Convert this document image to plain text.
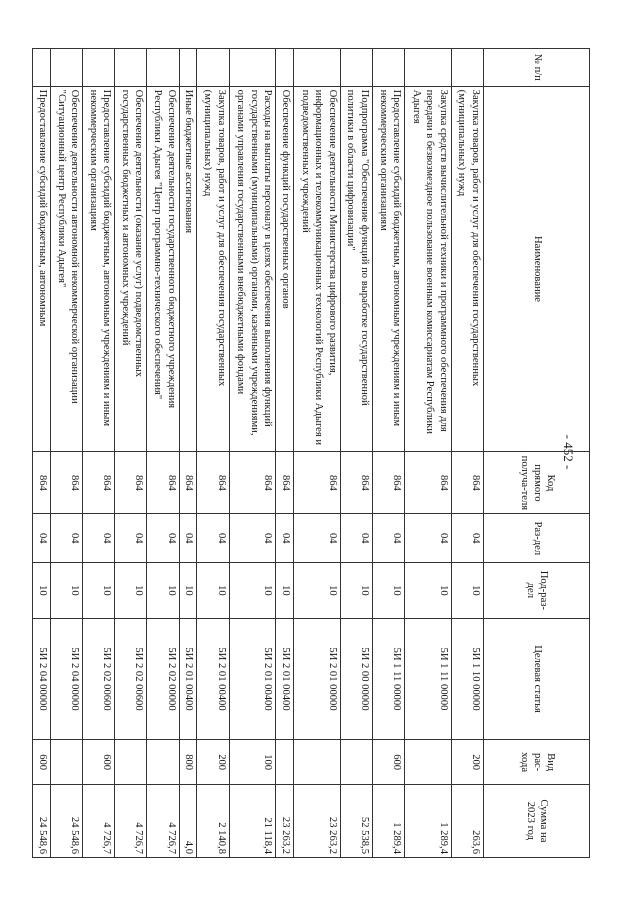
- 452 -
№ п/п	Наименование	Код прямого получа-теля	Раз-дел	Под-раз-дел	Целевая статья	Вид рас-хода	Сумма на 2023 год
	Закупка товаров, работ и услуг для обеспечения государственных (муниципальных) нужд	864	04	10	5И 1 10 00000	200	263,6
	Закупка средств вычислительной техники и программного обеспечения для передачи в безвозмездное пользование военным комиссариатам Республики Адыгея	864	04	10	5И 1 11 00000		1 289,4
	Предоставление субсидий бюджетным, автономным учреждениям и иным некоммерческим организациям	864	04	10	5И 1 11 00000	600	1 289,4
	Подпрограмма "Обеспечение функций по выработке государственной политики в области цифровизации"	864	04	10	5И 2 00 00000		52 538,5
	Обеспечение деятельности Министерства цифрового развития, информационных и телекоммуникационных технологий Республики Адыгея и подведомственных учреждений	864	04	10	5И 2 01 00000		23 263,2
	Обеспечение функций государственных органов	864	04	10	5И 2 01 00400		23 263,2
	Расходы на выплаты персоналу в целях обеспечения выполнения функций государственными (муниципальными) органами, казенными учреждениями, органами управления государственными внебюджетными фондами	864	04	10	5И 2 01 00400	100	21 118,4
	Закупка товаров, работ и услуг для обеспечения государственных (муниципальных) нужд	864	04	10	5И 2 01 00400	200	2 140,8
	Иные бюджетные ассигнования	864	04	10	5И 2 01 00400	800	4,0
	Обеспечение деятельности государственного бюджетного учреждения Республики Адыгея "Центр программно-технического обеспечения"	864	04	10	5И 2 02 00000		4 726,7
	Обеспечение деятельности (оказание услуг) подведомственных государственных бюджетных и автономных учреждений	864	04	10	5И 2 02 00600		4 726,7
	Предоставление субсидий бюджетным, автономным учреждениям и иным некоммерческим организациям	864	04	10	5И 2 02 00600	600	4 726,7
	Обеспечение деятельности автономной некоммерческой организации "Ситуационный центр Республики Адыгея"	864	04	10	5И 2 04 00000		24 548,6
	Предоставление субсидий бюджетным, автономным	864	04	10	5И 2 04 00000	600	24 548,6
